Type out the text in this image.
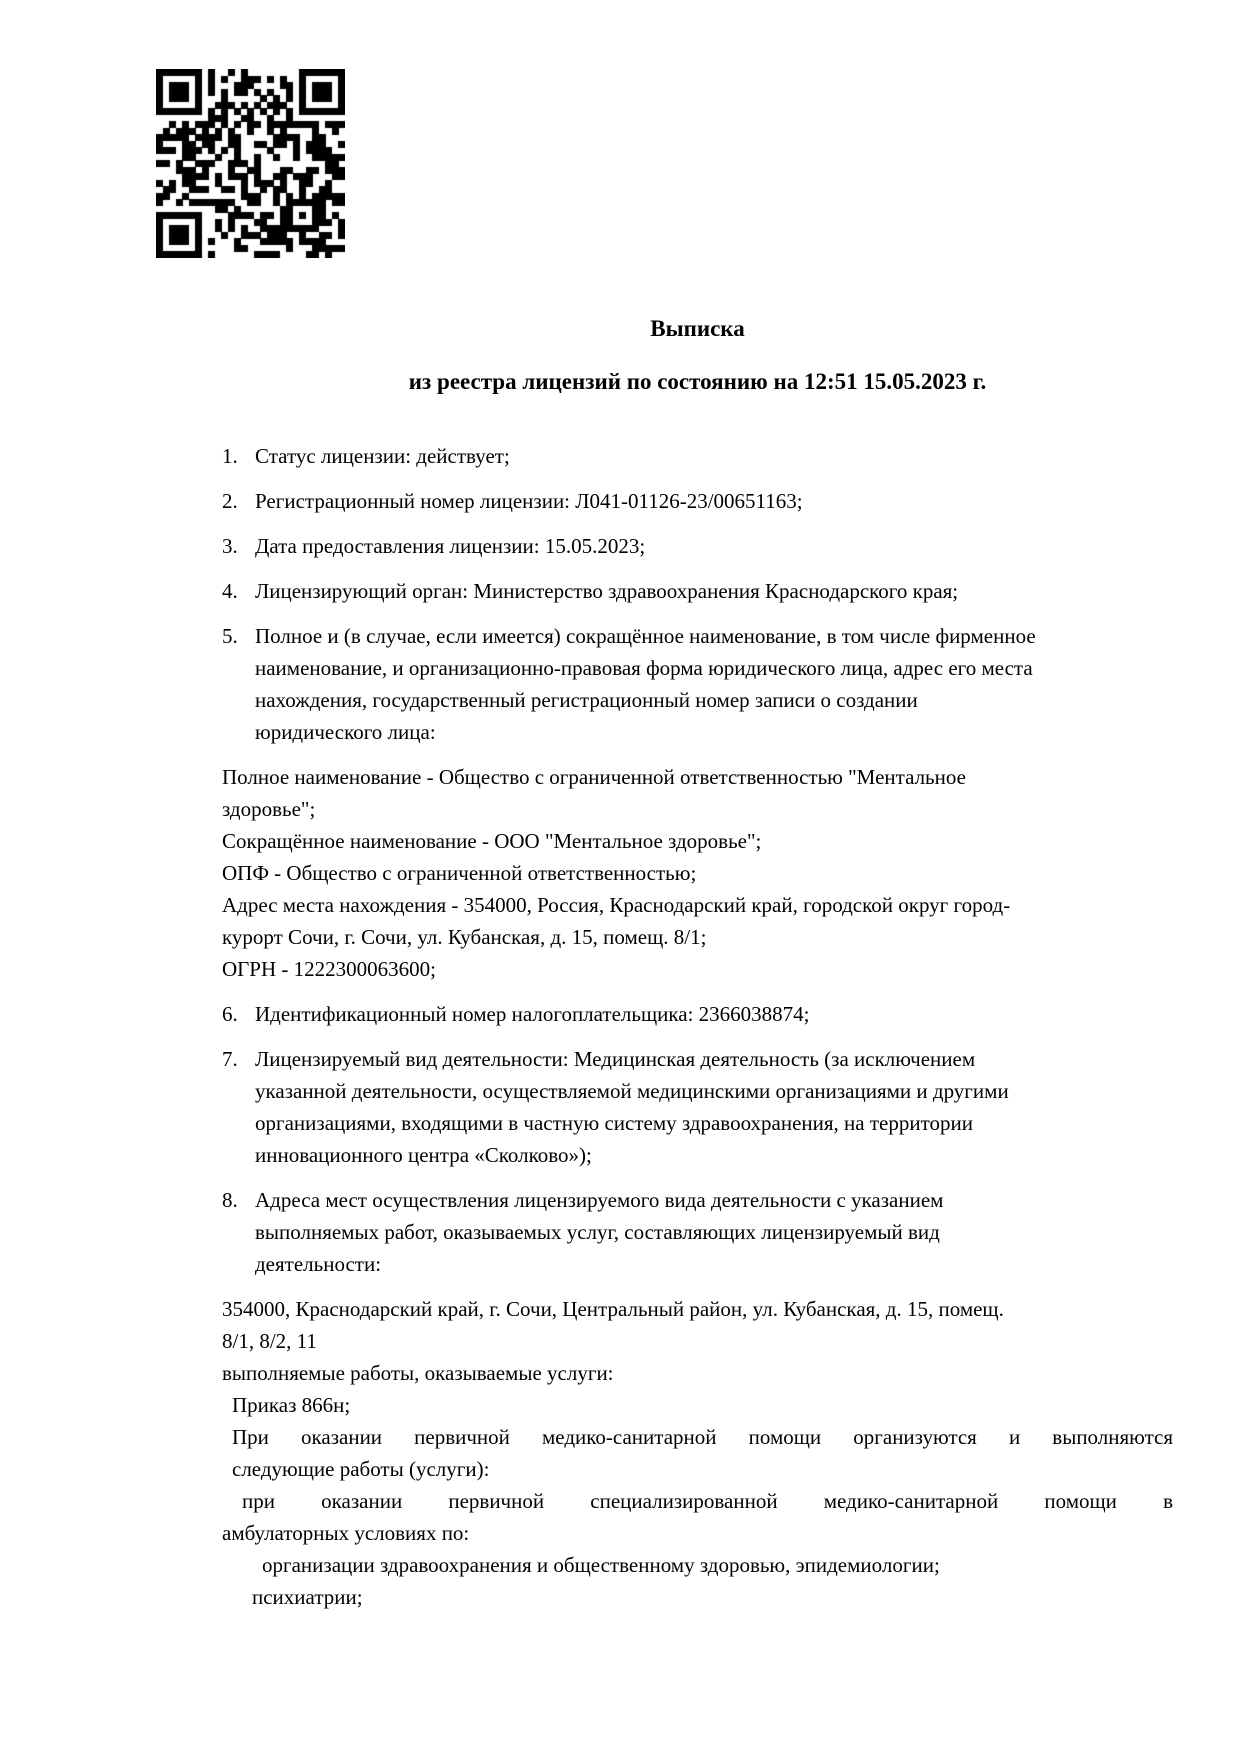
Выписка
из реестра лицензий по состоянию на 12:51 15.05.2023 г.
1. Статус лицензии: действует;
2. Регистрационный номер лицензии: Л041-01126-23/00651163;
3. Дата предоставления лицензии: 15.05.2023;
4. Лицензирующий орган: Министерство здравоохранения Краснодарского края;
5. Полное и (в случае, если имеется) сокращённое наименование, в том числе фирменное
наименование, и организационно-правовая форма юридического лица, адрес его места
нахождения, государственный регистрационный номер записи о создании
юридического лица:
Полное наименование - Общество с ограниченной ответственностью "Ментальное
здоровье";
Сокращённое наименование - ООО "Ментальное здоровье";
ОПФ - Общество с ограниченной ответственностью;
Адрес места нахождения - 354000, Россия, Краснодарский край, городской округ город-
курорт Сочи, г. Сочи, ул. Кубанская, д. 15, помещ. 8/1;
ОГРН - 1222300063600;
6. Идентификационный номер налогоплательщика: 2366038874;
7. Лицензируемый вид деятельности: Медицинская деятельность (за исключением
указанной деятельности, осуществляемой медицинскими организациями и другими
организациями, входящими в частную систему здравоохранения, на территории
инновационного центра «Сколково»);
8. Адреса мест осуществления лицензируемого вида деятельности с указанием
выполняемых работ, оказываемых услуг, составляющих лицензируемый вид
деятельности:
354000, Краснодарский край, г. Сочи, Центральный район, ул. Кубанская, д. 15, помещ.
8/1, 8/2, 11
выполняемые работы, оказываемые услуги:
Приказ 866н;
При оказании первичной медико-санитарной помощи организуются и выполняются
следующие работы (услуги):
при оказании первичной специализированной медико-санитарной помощи в
амбулаторных условиях по:
организации здравоохранения и общественному здоровью, эпидемиологии;
психиатрии;
